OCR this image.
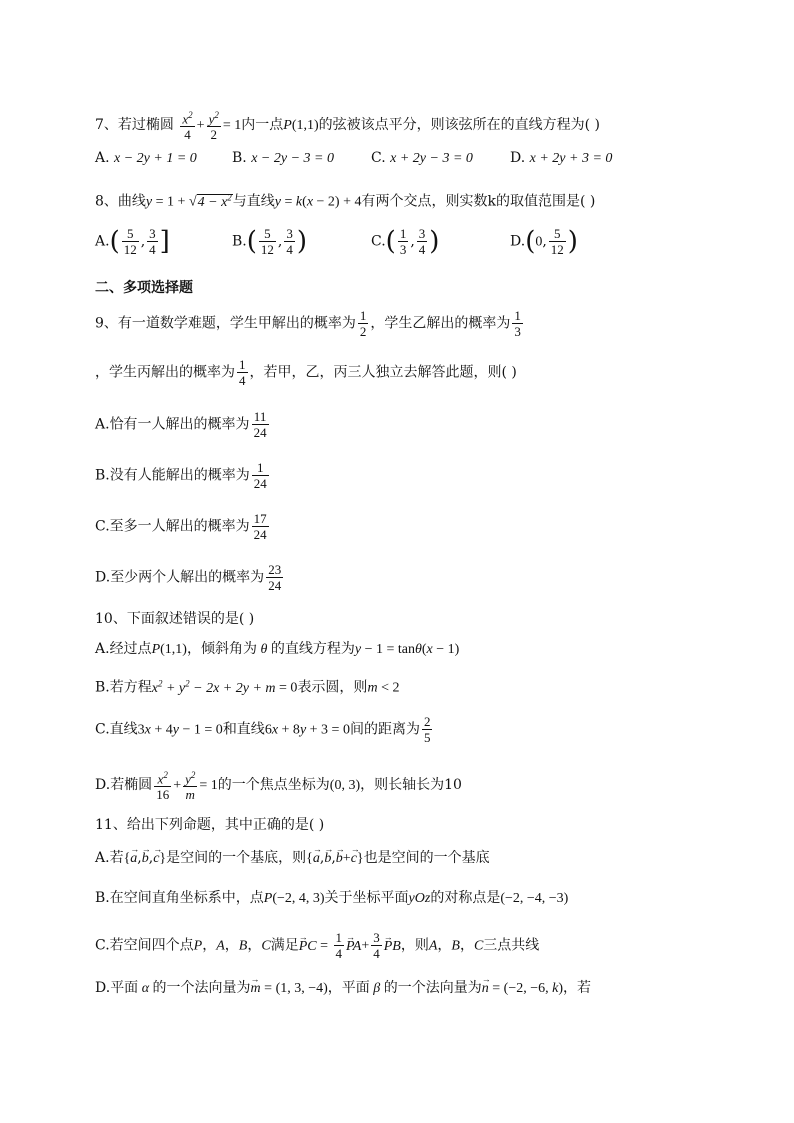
7、若过椭圆 $\frac{x^2}{4} + \frac{y^2}{2} = 1$内一点P(1,1)的弦被该点平分，则该弦所在的直线方程为( )
A. x − 2y + 1 = 0	B. x − 2y − 3 = 0	C. x + 2y − 3 = 0	D. x + 2y + 3 = 0
8、曲线$y = 1 + √4 - x^2$与直线y = k(x − 2) + 4有两个交点，则实数k的取值范围是( )
$A.( \frac{5}{12}$ , $\frac{3}{4}$ ]	$B.( \frac{5}{12}$ , $\frac{3}{4}$ )	$C.( \frac{1}{3}$ , $\frac{3}{4}$ )	D.(0, $\frac{5}{12}$ )
二、多项选择题
9、有一道数学难题，学生甲解出的概率为 $\frac{1}{2}$ ，学生乙解出的概率为 $\frac{1}{3}$
，学生丙解出的概率为 $\frac{1}{4}$ ，若甲，乙，丙三人独立去解答此题，则( )
A.恰有一人解出的概率为 $\frac{11}{24}$
B.没有人能解出的概率为 $\frac{1}{24}$
C.至多一人解出的概率为 $\frac{17}{24}$
D.至少两个人解出的概率为 $\frac{23}{24}$
10、下面叙述错误的是( )
A.经过点P(1,1)，倾斜角为 θ 的直线方程为y − 1 = tanθ(x − 1)
B.若方程$x^2 + y^2 - 2x + 2y + m = 0$表示圆，则m < 2
C.直线3x + 4y − 1 = 0和直线6x + 8y + 3 = 0间的距离为 $\frac{2}{5}$
D.若椭圆 $\frac{x^2}{16} + \frac{y^2}{m} = 1$的一个焦点坐标为(0, 3)，则长轴长为10
11、给出下列命题，其中正确的是( )
A.若{→ a,→ b,→ c}是空间的一个基底，则{→ a,→ b,→ b+→ c}也是空间的一个基底
B.在空间直角坐标系中，点P(−2, 4, 3)关于坐标平面yOz的对称点是(−2, −4, −3)
C.若空间四个点P，A，B，C满足→ PC = $\frac{1}{4}$
→ $PA+ \frac{3}{4}$
→ PB，则A，B，C三点共线
D.平面 α 的一个法向量为→ m = (1, 3, −4)，平面 β 的一个法向量为→ n = (−2, −6, k)，若
